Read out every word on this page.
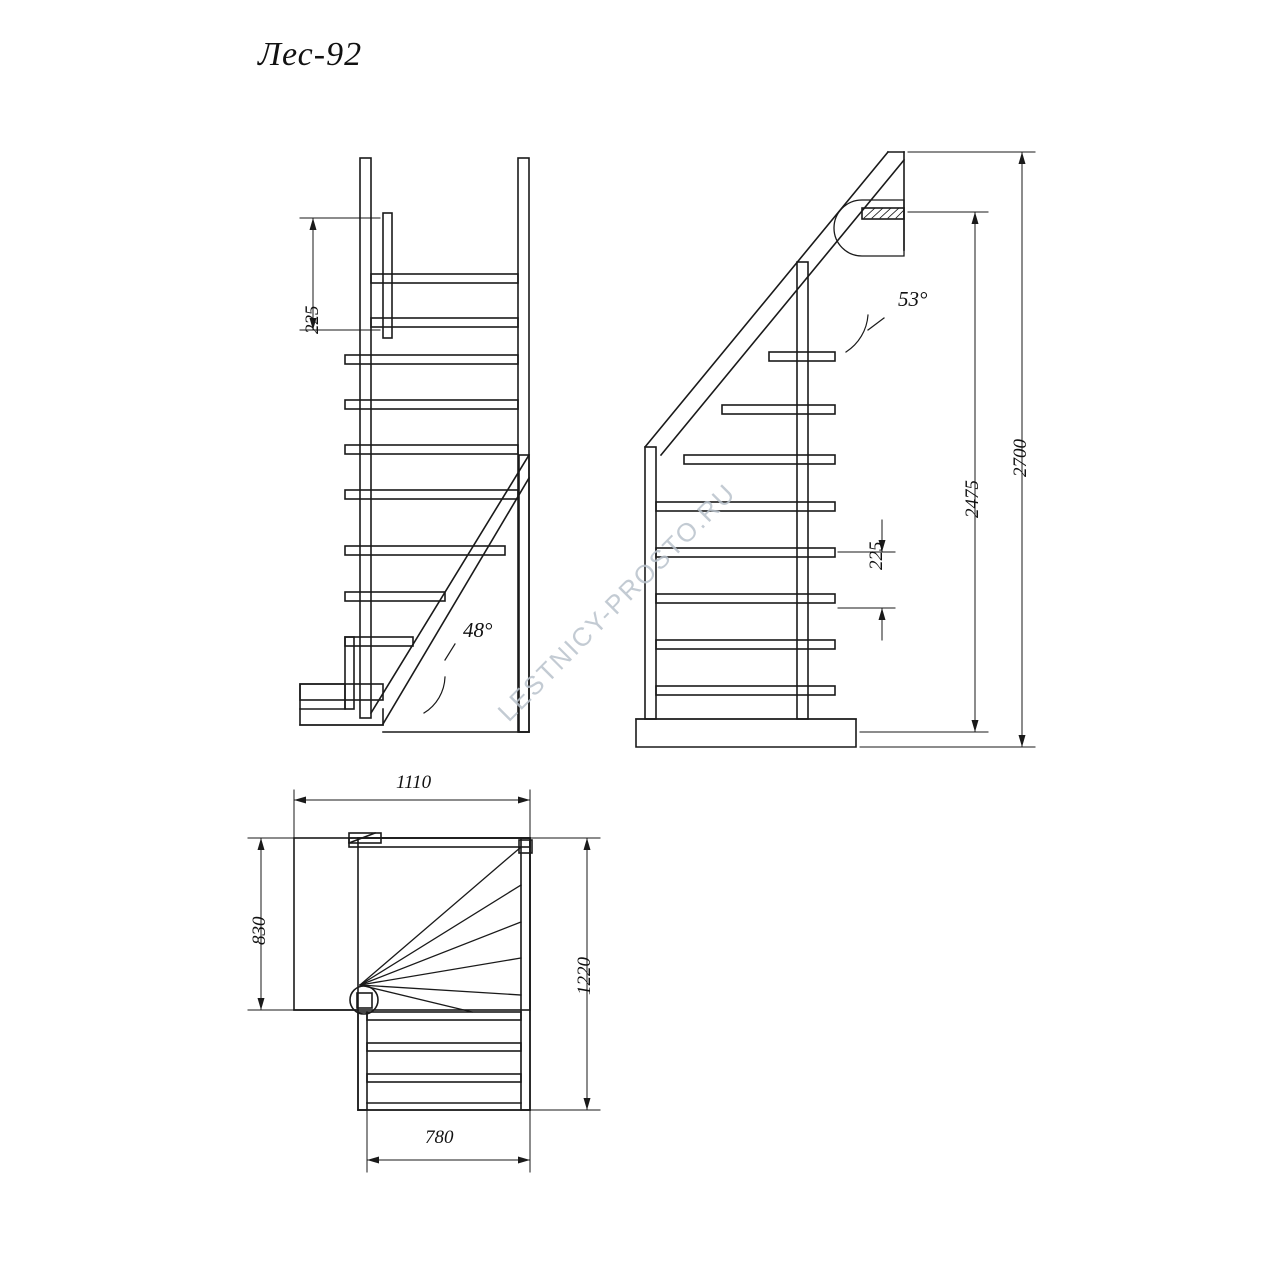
Лес-92
225
48°
53°
225
2475
2700
1110
830
1220
780
LESTNICY-PROSTO.RU
